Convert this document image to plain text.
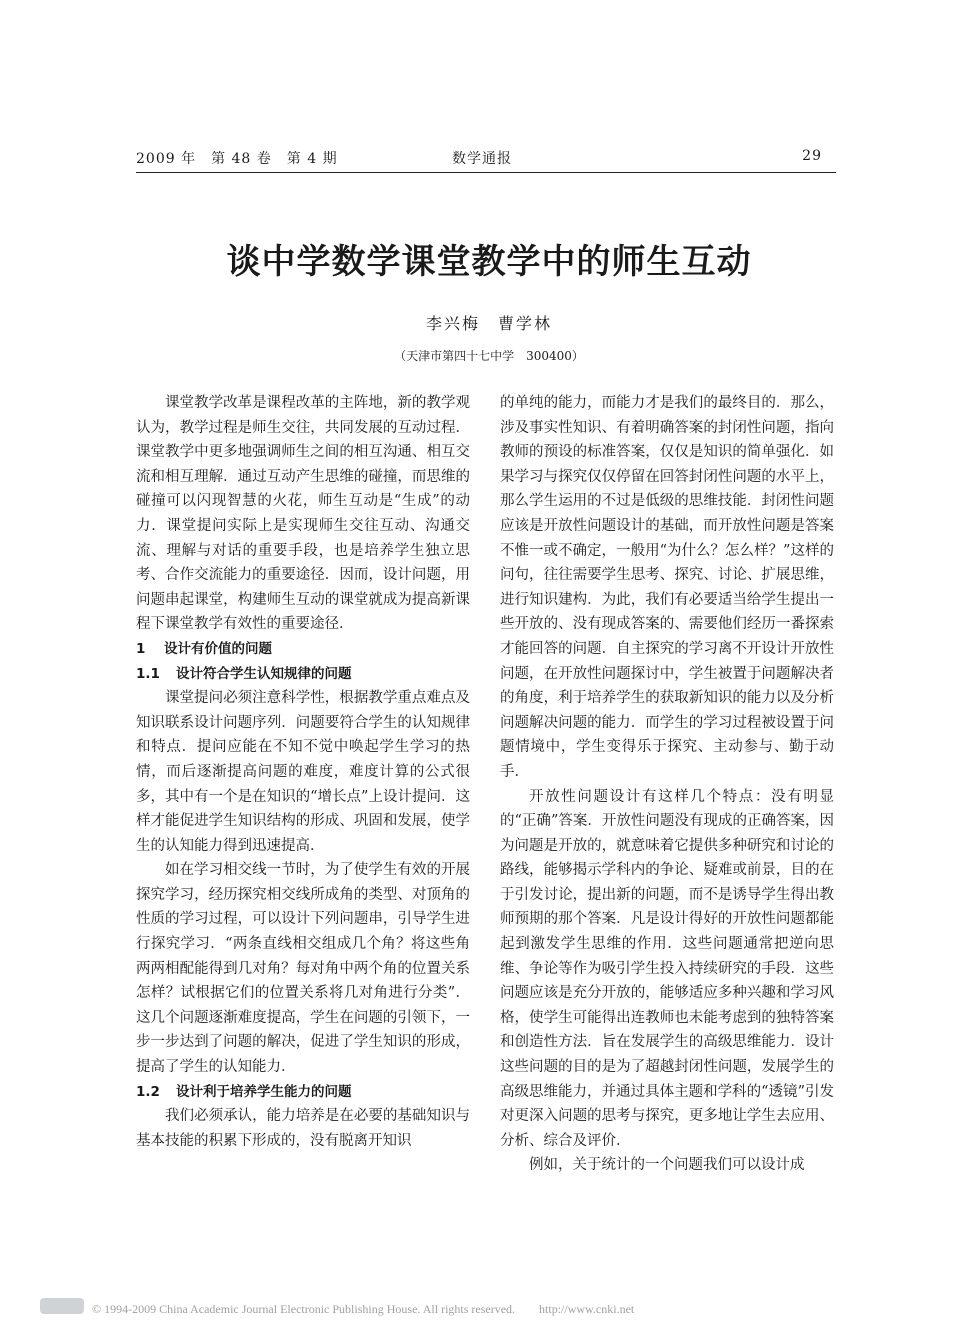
2009 年　第 48 卷　第 4 期	数学通报	29
谈中学数学课堂教学中的师生互动
李兴梅　曹学林
（天津市第四十七中学　300400）

课堂教学改革是课程改革的主阵地，新的教学观认为，教学过程是师生交往，共同发展的互动过程．课堂教学中更多地强调师生之间的相互沟通、相互交流和相互理解．通过互动产生思维的碰撞，而思维的碰撞可以闪现智慧的火花，师生互动是“生成”的动力．课堂提问实际上是实现师生交往互动、沟通交流、理解与对话的重要手段，也是培养学生独立思考、合作交流能力的重要途径．因而，设计问题，用问题串起课堂，构建师生互动的课堂就成为提高新课程下课堂教学有效性的重要途径．

1 设计有价值的问题

1.1 设计符合学生认知规律的问题

课堂提问必须注意科学性，根据教学重点难点及知识联系设计问题序列．问题要符合学生的认知规律和特点．提问应能在不知不觉中唤起学生学习的热情，而后逐渐提高问题的难度，难度计算的公式很多，其中有一个是在知识的“增长点”上设计提问．这样才能促进学生知识结构的形成、巩固和发展，使学生的认知能力得到迅速提高．

如在学习相交线一节时，为了使学生有效的开展探究学习，经历探究相交线所成角的类型、对顶角的性质的学习过程，可以设计下列问题串，引导学生进行探究学习．“两条直线相交组成几个角？将这些角两两相配能得到几对角？每对角中两个角的位置关系怎样？试根据它们的位置关系将几对角进行分类”．这几个问题逐渐难度提高，学生在问题的引领下，一步一步达到了问题的解决，促进了学生知识的形成，提高了学生的认知能力．

1.2 设计利于培养学生能力的问题

我们必须承认，能力培养是在必要的基础知识与基本技能的积累下形成的，没有脱离开知识

的单纯的能力，而能力才是我们的最终目的．那么，涉及事实性知识、有着明确答案的封闭性问题，指向教师的预设的标准答案，仅仅是知识的简单强化．如果学习与探究仅仅停留在回答封闭性问题的水平上，那么学生运用的不过是低级的思维技能．封闭性问题应该是开放性问题设计的基础，而开放性问题是答案不惟一或不确定，一般用“为什么？怎么样？”这样的问句，往往需要学生思考、探究、讨论、扩展思维，进行知识建构．为此，我们有必要适当给学生提出一些开放的、没有现成答案的、需要他们经历一番探索才能回答的问题．自主探究的学习离不开设计开放性问题，在开放性问题探讨中，学生被置于问题解决者的角度，利于培养学生的获取新知识的能力以及分析问题解决问题的能力．而学生的学习过程被设置于问题情境中，学生变得乐于探究、主动参与、勤于动手．

开放性问题设计有这样几个特点：没有明显的“正确”答案．开放性问题没有现成的正确答案，因为问题是开放的，就意味着它提供多种研究和讨论的路线，能够揭示学科内的争论、疑难或前景，目的在于引发讨论，提出新的问题，而不是诱导学生得出教师预期的那个答案．凡是设计得好的开放性问题都能起到激发学生思维的作用．这些问题通常把逆向思维、争论等作为吸引学生投入持续研究的手段．这些问题应该是充分开放的，能够适应多种兴趣和学习风格，使学生可能得出连教师也未能考虑到的独特答案和创造性方法．旨在发展学生的高级思维能力．设计这些问题的目的是为了超越封闭性问题，发展学生的高级思维能力，并通过具体主题和学科的“透镜”引发对更深入问题的思考与探究，更多地让学生去应用、分析、综合及评价．

例如，关于统计的一个问题我们可以设计成

© 1994-2009 China Academic Journal Electronic Publishing House. All rights reserved.　　http://www.cnki.net
